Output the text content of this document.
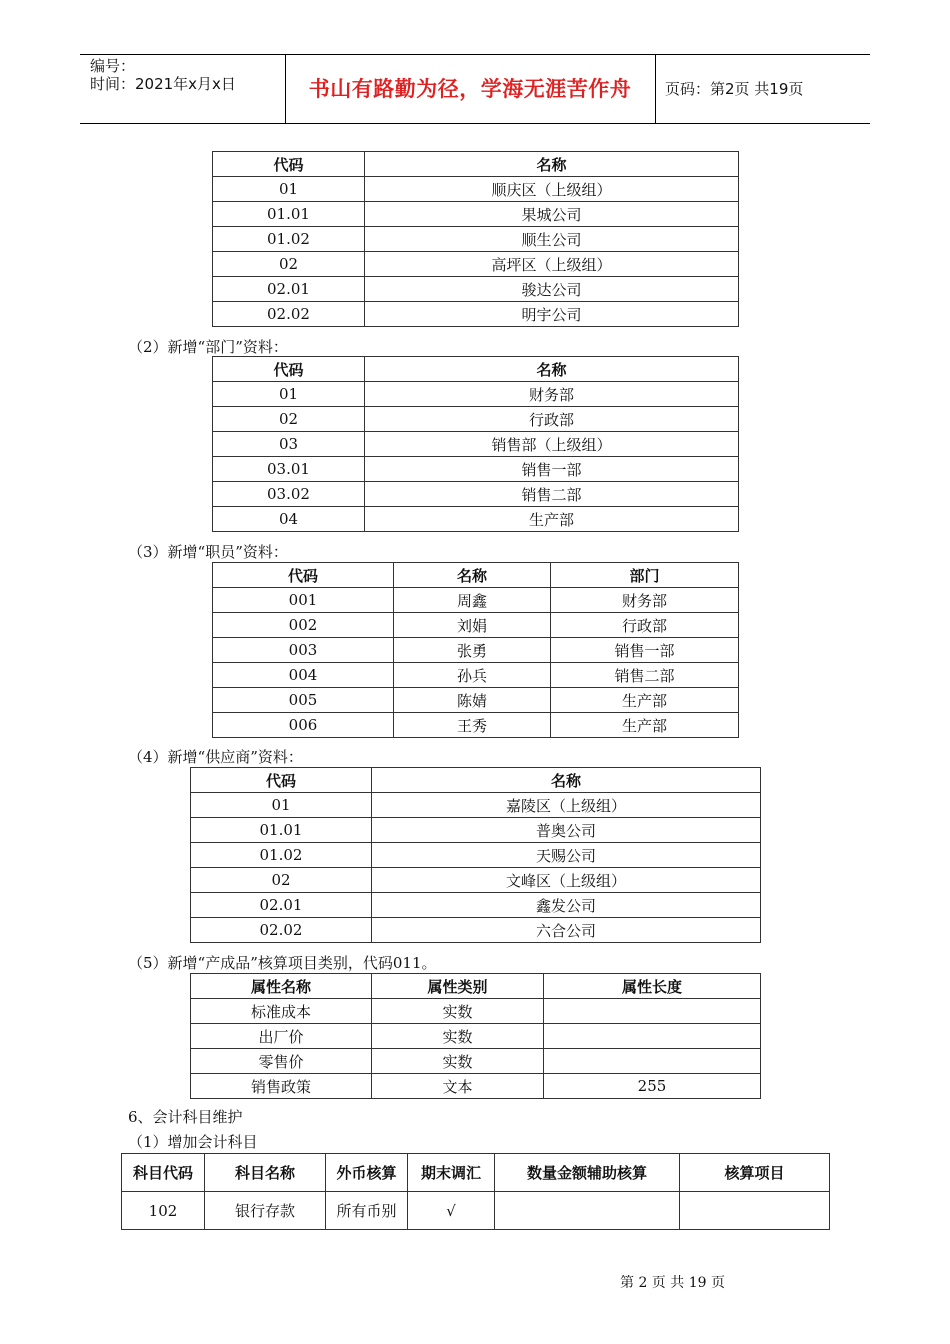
编号：
时间：2021年x月x日	书山有路勤为径，学海无涯苦作舟	页码：第2页 共19页
代码	名称
01	顺庆区（上级组）
01.01	果城公司
01.02	顺生公司
02	高坪区（上级组）
02.01	骏达公司
02.02	明宇公司
（2）新增“部门”资料：
代码	名称
01	财务部
02	行政部
03	销售部（上级组）
03.01	销售一部
03.02	销售二部
04	生产部
（3）新增“职员”资料：
代码	名称	部门
001	周鑫	财务部
002	刘娟	行政部
003	张勇	销售一部
004	孙兵	销售二部
005	陈婧	生产部
006	王秀	生产部
（4）新增“供应商”资料：
代码	名称
01	嘉陵区（上级组）
01.01	普奥公司
01.02	天赐公司
02	文峰区（上级组）
02.01	鑫发公司
02.02	六合公司
（5）新增“产成品”核算项目类别，代码011。
属性名称	属性类别	属性长度
标准成本	实数	
出厂价	实数	
零售价	实数	
销售政策	文本	255
6、会计科目维护
（1）增加会计科目
科目代码	科目名称	外币核算	期末调汇	数量金额辅助核算	核算项目
102	银行存款	所有币别	√		
第 2 页 共 19 页
